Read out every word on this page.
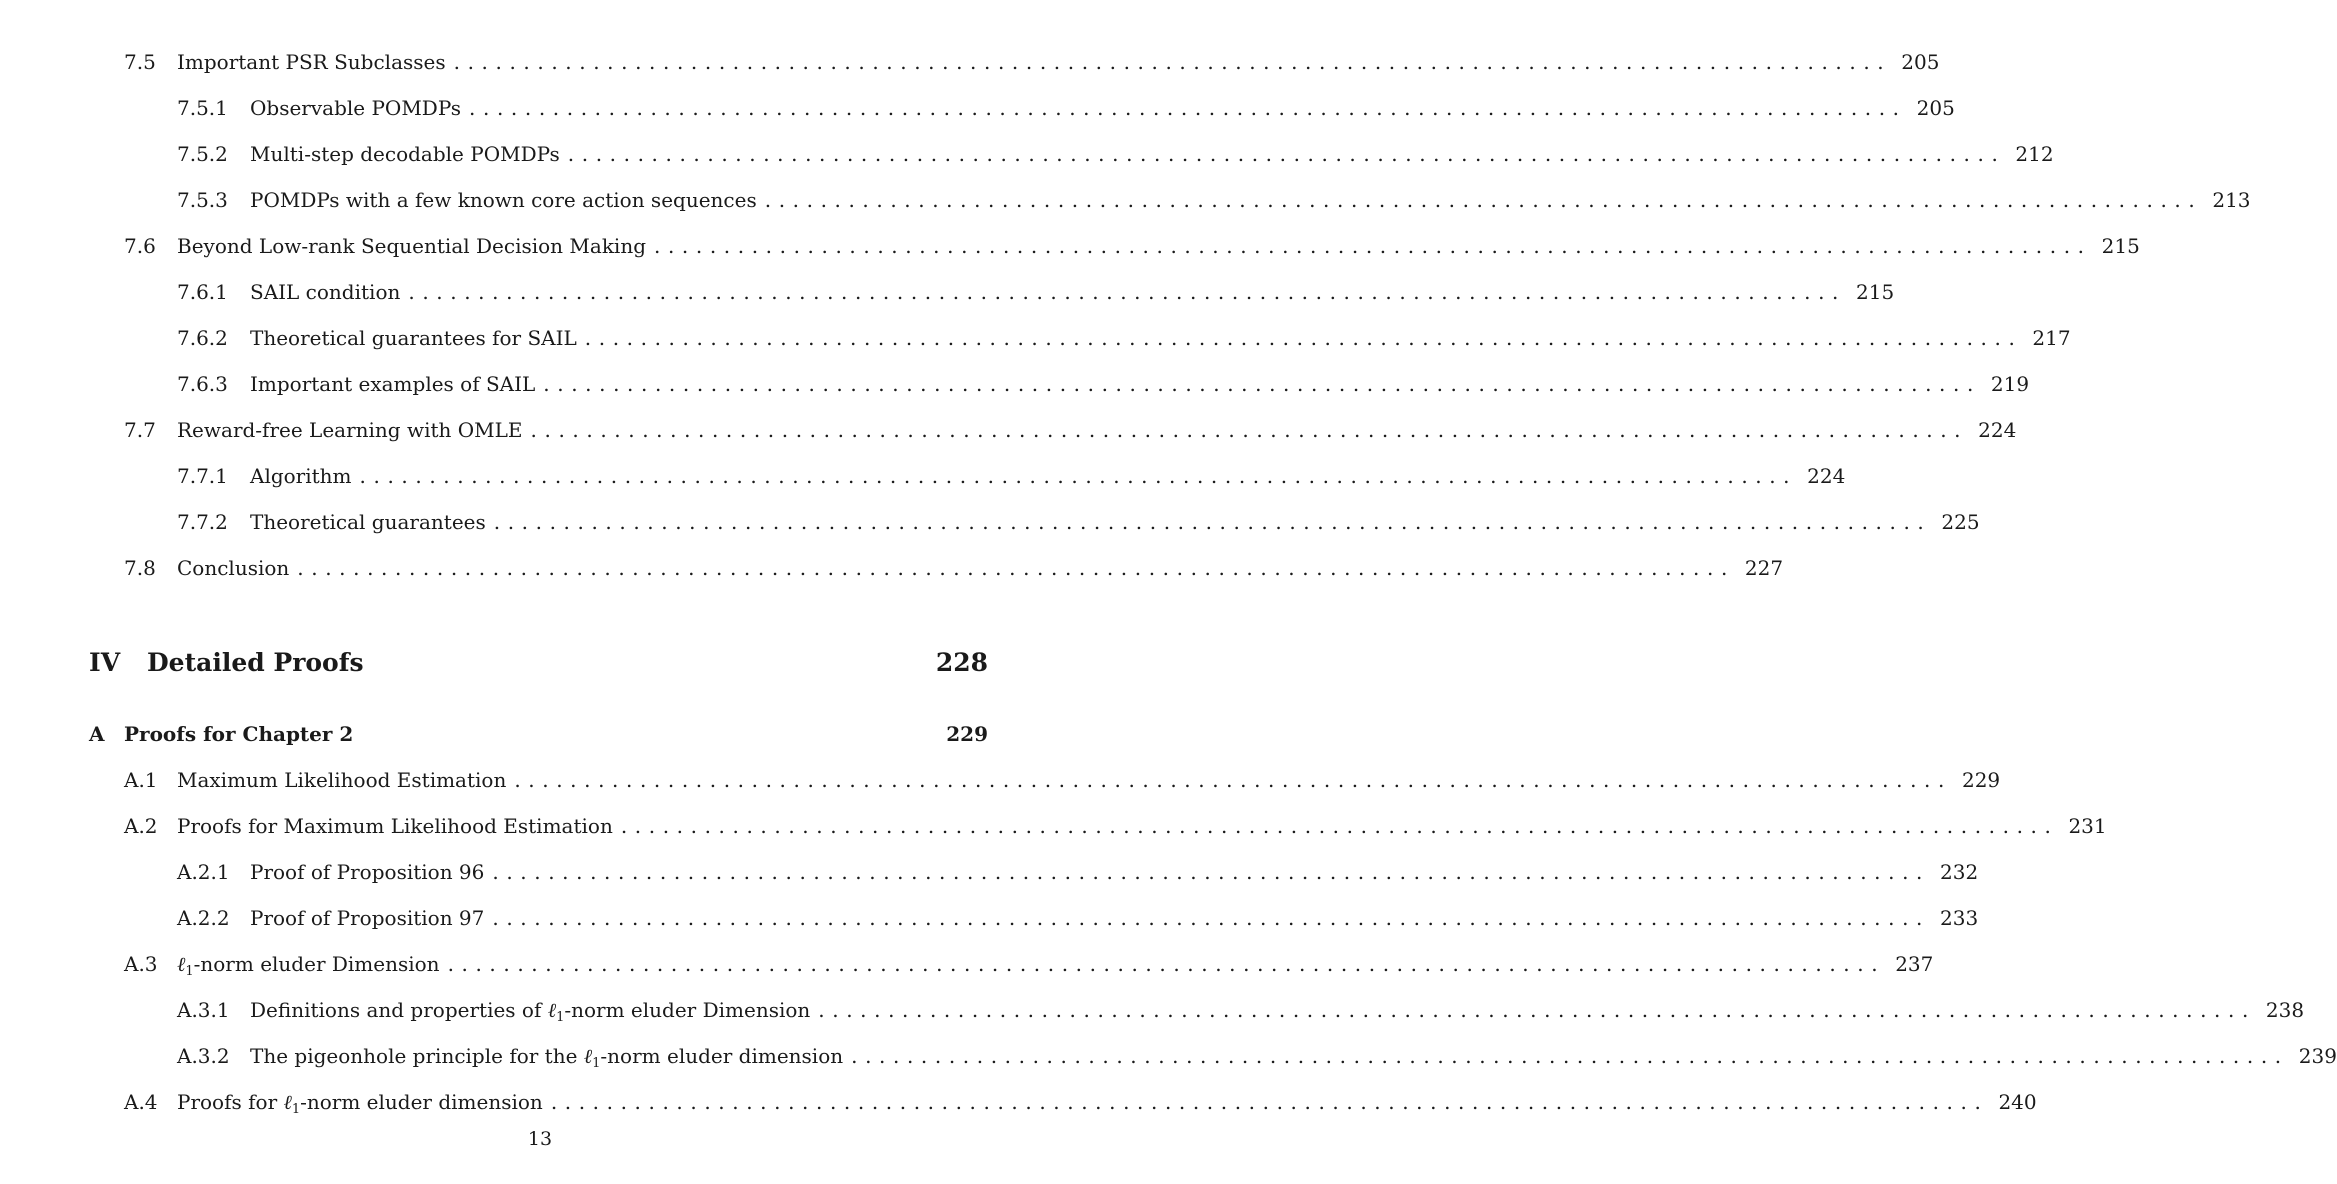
7.5	Important PSR Subclasses ....................................................................................................... 205
7.5.1	Observable POMDPs ....................................................................................................... 205
7.5.2	Multi-step decodable POMDPs ....................................................................................................... 212
7.5.3	POMDPs with a few known core action sequences ....................................................................................................... 213
7.6	Beyond Low-rank Sequential Decision Making ....................................................................................................... 215
7.6.1	SAIL condition ....................................................................................................... 215
7.6.2	Theoretical guarantees for SAIL ....................................................................................................... 217
7.6.3	Important examples of SAIL ....................................................................................................... 219
7.7	Reward-free Learning with OMLE ....................................................................................................... 224
7.7.1	Algorithm ....................................................................................................... 224
7.7.2	Theoretical guarantees ....................................................................................................... 225
7.8	Conclusion ....................................................................................................... 227
IV	Detailed Proofs	228
A Proofs for Chapter 2	229
A.1 Maximum Likelihood Estimation ....................................................................................................... 229
A.2 Proofs for Maximum Likelihood Estimation ....................................................................................................... 231
A.2.1	Proof of Proposition 96 ....................................................................................................... 232
A.2.2	Proof of Proposition 97 ....................................................................................................... 233
A.3 ℓ$_1$-norm eluder Dimension ....................................................................................................... 237
A.3.1	Definitions and properties of ℓ$_1$-norm eluder Dimension ....................................................................................................... 238
A.3.2	The pigeonhole principle for the ℓ$_1$-norm eluder dimension ....................................................................................................... 239
A.4 Proofs for ℓ$_1$-norm eluder dimension ....................................................................................................... 240
13
